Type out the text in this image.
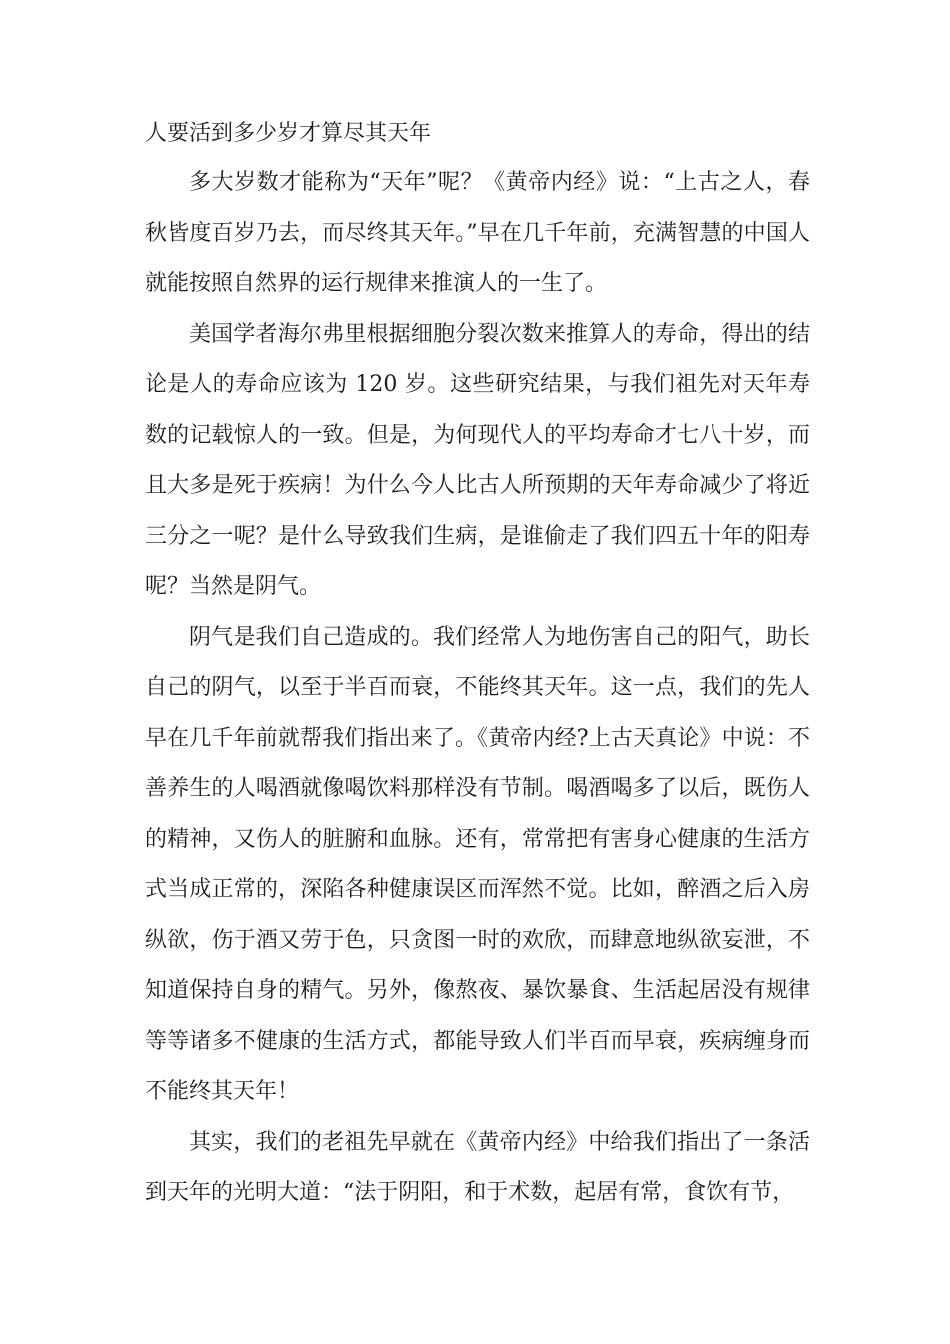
人要活到多少岁才算尽其天年

多大岁数才能称为“天年”呢？《黄帝内经》说：“上古之人，春秋皆度百岁乃去，而尽终其天年。”早在几千年前，充满智慧的中国人就能按照自然界的运行规律来推演人的一生了。

美国学者海尔弗里根据细胞分裂次数来推算人的寿命，得出的结论是人的寿命应该为 120 岁。这些研究结果，与我们祖先对天年寿数的记载惊人的一致。但是，为何现代人的平均寿命才七八十岁，而且大多是死于疾病！为什么今人比古人所预期的天年寿命减少了将近三分之一呢？是什么导致我们生病，是谁偷走了我们四五十年的阳寿呢？当然是阴气。

阴气是我们自己造成的。我们经常人为地伤害自己的阳气，助长自己的阴气，以至于半百而衰，不能终其天年。这一点，我们的先人早在几千年前就帮我们指出来了。《黄帝内经?上古天真论》中说：不善养生的人喝酒就像喝饮料那样没有节制。喝酒喝多了以后，既伤人的精神，又伤人的脏腑和血脉。还有，常常把有害身心健康的生活方式当成正常的，深陷各种健康误区而浑然不觉。比如，醉酒之后入房纵欲，伤于酒又劳于色，只贪图一时的欢欣，而肆意地纵欲妄泄，不知道保持自身的精气。另外，像熬夜、暴饮暴食、生活起居没有规律等等诸多不健康的生活方式，都能导致人们半百而早衰，疾病缠身而不能终其天年！

其实，我们的老祖先早就在《黄帝内经》中给我们指出了一条活到天年的光明大道：“法于阴阳，和于术数，起居有常，食饮有节，
